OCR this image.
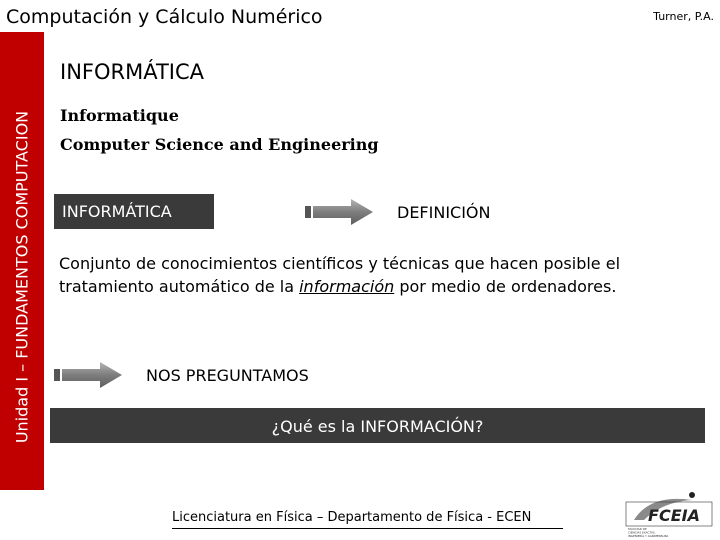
Computación y Cálculo Numérico	Turner, P.A.
Unidad I – FUNDAMENTOS COMPUTACION
INFORMÁTICA
Informatique
Computer Science and Engineering
INFORMÁTICA	DEFINICIÓN
Conjunto de conocimientos científicos y técnicas que hacen posible el tratamiento automático de la información por medio de ordenadores.
NOS PREGUNTAMOS
¿Qué es la INFORMACIÓN?
Licenciatura en Física – Departamento de Física - ECEN	FCEIA
FACULTAD DE
CIENCIAS EXACTAS,
INGENIERÍA Y AGRIMENSURA
